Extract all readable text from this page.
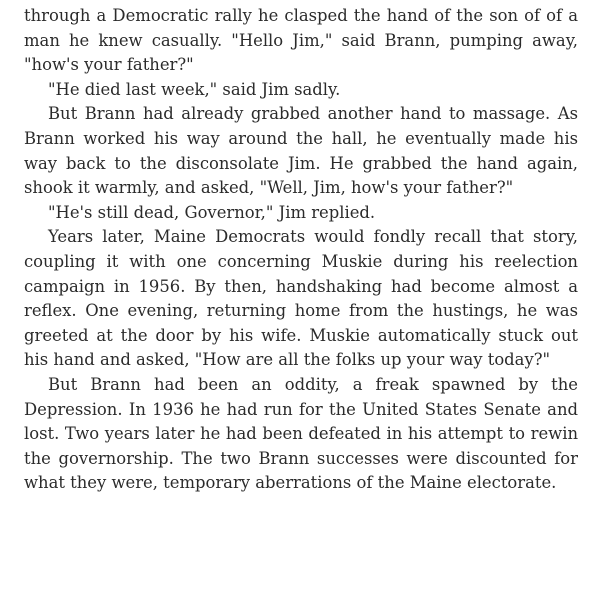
through a Democratic rally he clasped the hand of the son of of a man he knew casually. "Hello Jim," said Brann, pumping away, "how's your father?"

"He died last week," said Jim sadly.

But Brann had already grabbed another hand to massage. As Brann worked his way around the hall, he eventually made his way back to the disconsolate Jim. He grabbed the hand again, shook it warmly, and asked, "Well, Jim, how's your father?"

"He's still dead, Governor," Jim replied.

Years later, Maine Democrats would fondly recall that story, coupling it with one concerning Muskie during his reelection campaign in 1956. By then, handshaking had become almost a reflex. One evening, returning home from the hustings, he was greeted at the door by his wife. Muskie automatically stuck out his hand and asked, "How are all the folks up your way today?"

But Brann had been an oddity, a freak spawned by the Depression. In 1936 he had run for the United States Senate and lost. Two years later he had been defeated in his attempt to rewin the governorship. The two Brann successes were discounted for what they were, temporary aberrations of the Maine electorate.
